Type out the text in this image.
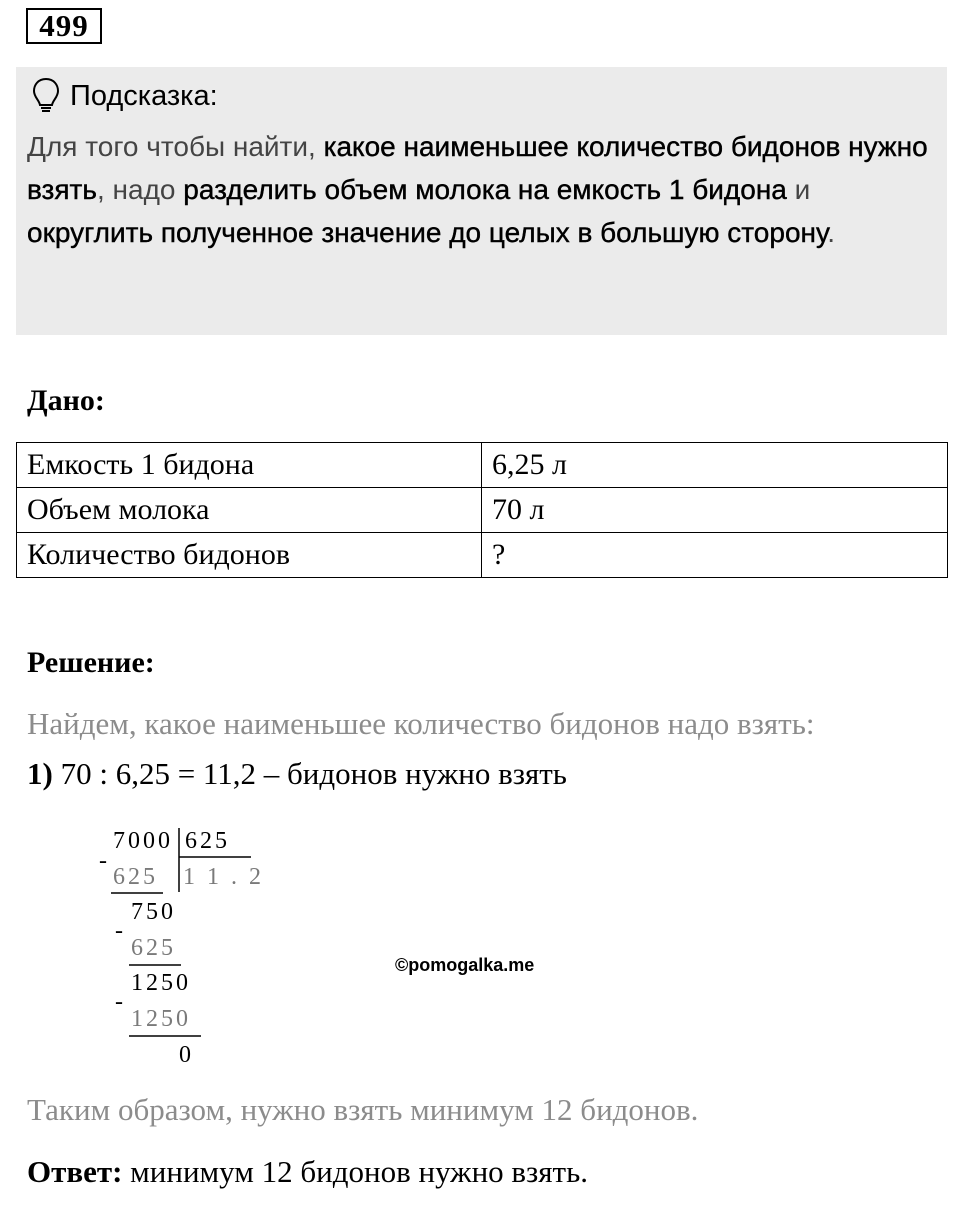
499
Подсказка:
Для того чтобы найти, какое наименьшее количество бидонов нужно взять, надо разделить объем молока на емкость 1 бидона и округлить полученное значение до целых в большую сторону.
Дано:
Емкость 1 бидона	6,25 л
Объем молока	70 л
Количество бидонов	?
Решение:
Найдем, какое наименьшее количество бидонов надо взять:
1) 70 : 6,25 = 11,2 – бидонов нужно взять
7000 625
1 1 . 2
-
625
750
-
625
1250
-
1250
0
©pomogalka.me
Таким образом, нужно взять минимум 12 бидонов.
Ответ: минимум 12 бидонов нужно взять.
